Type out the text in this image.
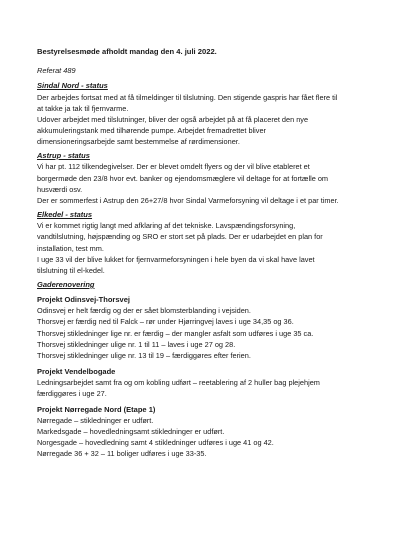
Bestyrelsesmøde afholdt mandag den 4. juli 2022.
Referat 489
Sindal Nord - status
Der arbejdes fortsat med at få tilmeldinger til tilslutning. Den stigende gaspris har fået flere til
at takke ja tak til fjernvarme.
Udover arbejdet med tilslutninger, bliver der også arbejdet på at få placeret den nye
akkumuleringstank med tilhørende pumpe. Arbejdet fremadrettet bliver
dimensioneringsarbejde samt bestemmelse af rørdimensioner.
Astrup - status
Vi har pt. 112 tilkendegivelser. Der er blevet omdelt flyers og der vil blive etableret et
borgermøde den 23/8 hvor evt. banker og ejendomsmæglere vil deltage for at fortælle om
husværdi osv.
Der er sommerfest i Astrup den 26+27/8 hvor Sindal Varmeforsyning vil deltage i et par timer.
Elkedel - status
Vi er kommet rigtig langt med afklaring af det tekniske. Lavspændingsforsyning,
vandtilslutning, højspænding og SRO er stort set på plads. Der er udarbejdet en plan for
installation, test mm.
I uge 33 vil der blive lukket for fjernvarmeforsyningen i hele byen da vi skal have lavet
tilslutning til el-kedel.
Gaderenovering
Projekt Odinsvej-Thorsvej
Odinsvej er helt færdig og der er sået blomsterblanding i vejsiden.
Thorsvej er færdig ned til Falck – rør under Hjørringvej laves i uge 34,35 og 36.
Thorsvej stikledninger lige nr. er færdig – der mangler asfalt som udføres i uge 35 ca.
Thorsvej stikledninger ulige nr. 1 til 11 – laves i uge 27 og 28.
Thorsvej stikledninger ulige nr. 13 til 19 – færdiggøres efter ferien.
Projekt Vendelbogade
Ledningsarbejdet samt fra og om kobling udført – reetablering af 2 huller bag plejehjem
færdiggøres i uge 27.
Projekt Nørregade Nord (Etape 1)
Nørregade – stikledninger er udført.
Markedsgade – hovedledningsamt stikledninger er udført.
Norgesgade – hovedledning samt 4 stikledninger udføres i uge 41 og 42.
Nørregade 36 + 32 – 11 boliger udføres i uge 33-35.
